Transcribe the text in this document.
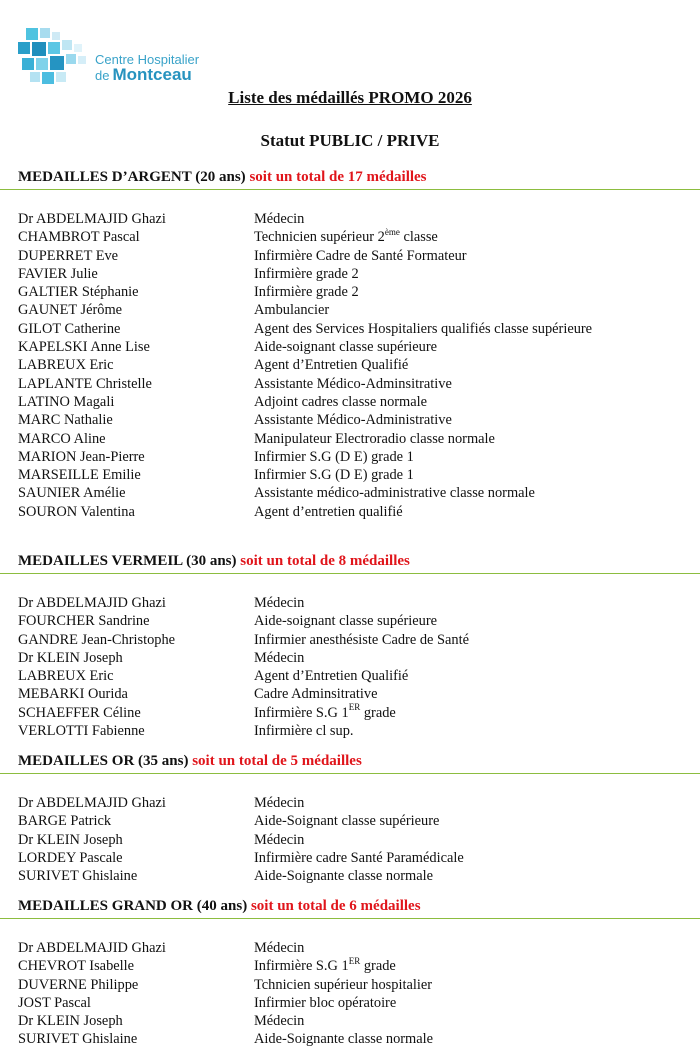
Centre Hospitalier
de Montceau
Liste des médaillés PROMO 2026
Statut PUBLIC / PRIVE
MEDAILLES D’ARGENT (20 ans) soit un total de 17 médailles
Dr ABDELMAJID Ghazi	Médecin
CHAMBROT Pascal	Technicien supérieur 2ème classe
DUPERRET Eve	Infirmière Cadre de Santé Formateur
FAVIER Julie	Infirmière grade 2
GALTIER Stéphanie	Infirmière grade 2
GAUNET Jérôme	Ambulancier
GILOT Catherine	Agent des Services Hospitaliers qualifiés classe supérieure
KAPELSKI Anne Lise	Aide-soignant classe supérieure
LABREUX Eric	Agent d’Entretien Qualifié
LAPLANTE Christelle	Assistante Médico-Adminsitrative
LATINO Magali	Adjoint cadres classe normale
MARC Nathalie	Assistante Médico-Administrative
MARCO Aline	Manipulateur Electroradio classe normale
MARION Jean-Pierre	Infirmier S.G (D E) grade 1
MARSEILLE Emilie	Infirmier S.G (D E) grade 1
SAUNIER Amélie	Assistante médico-administrative classe normale
SOURON Valentina	Agent d’entretien qualifié
MEDAILLES VERMEIL (30 ans) soit un total de 8 médailles
Dr ABDELMAJID Ghazi	Médecin
FOURCHER Sandrine	Aide-soignant classe supérieure
GANDRE Jean-Christophe	Infirmier anesthésiste Cadre de Santé
Dr KLEIN Joseph	Médecin
LABREUX Eric	Agent d’Entretien Qualifié
MEBARKI Ourida	Cadre Adminsitrative
SCHAEFFER Céline	Infirmière S.G 1ER grade
VERLOTTI Fabienne	Infirmière cl sup.
MEDAILLES OR (35 ans) soit un total de 5 médailles
Dr ABDELMAJID Ghazi	Médecin
BARGE Patrick	Aide-Soignant classe supérieure
Dr KLEIN Joseph	Médecin
LORDEY Pascale	Infirmière cadre Santé Paramédicale
SURIVET Ghislaine	Aide-Soignante classe normale
MEDAILLES GRAND OR (40 ans) soit un total de 6 médailles
Dr ABDELMAJID Ghazi	Médecin
CHEVROT Isabelle	Infirmière S.G 1ER grade
DUVERNE Philippe	Tchnicien supérieur hospitalier
JOST Pascal	Infirmier bloc opératoire
Dr KLEIN Joseph	Médecin
SURIVET Ghislaine	Aide-Soignante classe normale
